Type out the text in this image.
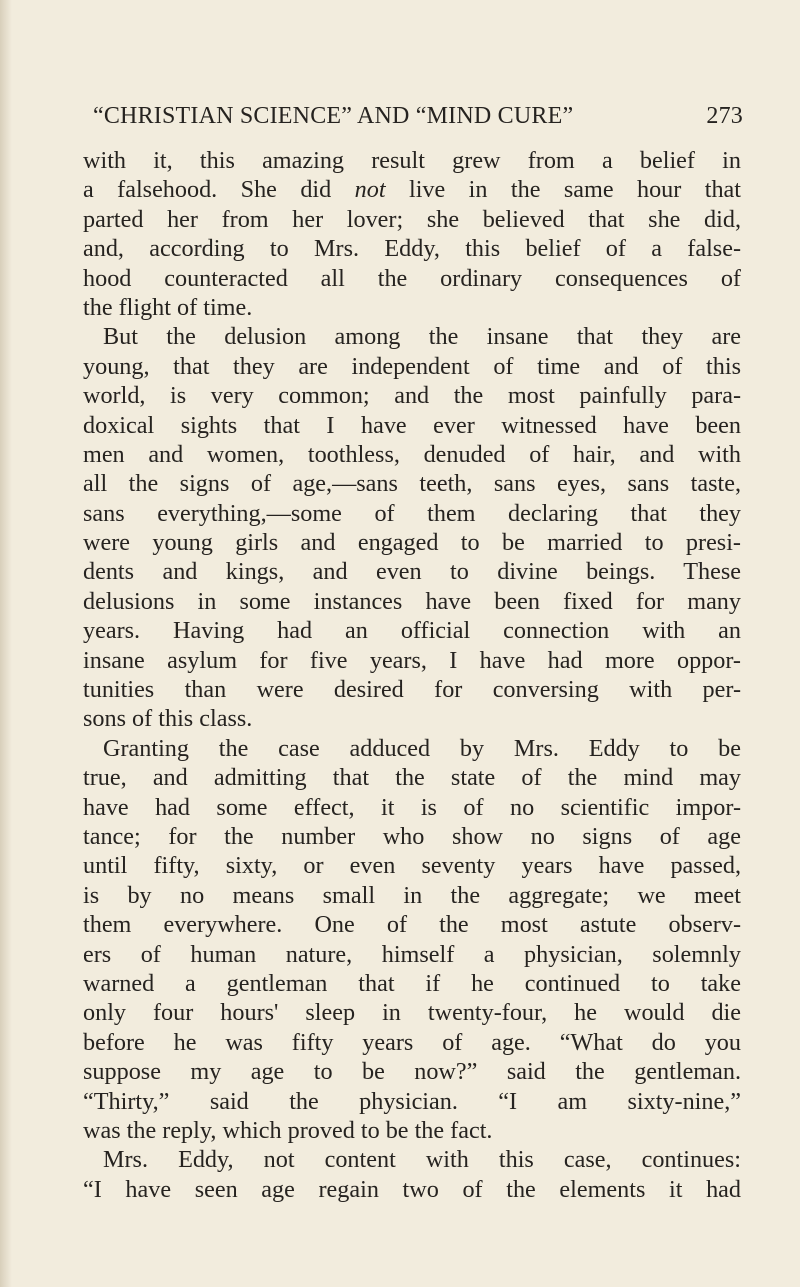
“CHRISTIAN SCIENCE” AND “MIND CURE”	273
with it, this amazing result grew from a belief in
a falsehood. She did not live in the same hour that
parted her from her lover; she believed that she did,
and, according to Mrs. Eddy, this belief of a false-
hood counteracted all the ordinary consequences of
the flight of time.
But the delusion among the insane that they are
young, that they are independent of time and of this
world, is very common; and the most painfully para-
doxical sights that I have ever witnessed have been
men and women, toothless, denuded of hair, and with
all the signs of age,—sans teeth, sans eyes, sans taste,
sans everything,—some of them declaring that they
were young girls and engaged to be married to presi-
dents and kings, and even to divine beings. These
delusions in some instances have been fixed for many
years. Having had an official connection with an
insane asylum for five years, I have had more oppor-
tunities than were desired for conversing with per-
sons of this class.
Granting the case adduced by Mrs. Eddy to be
true, and admitting that the state of the mind may
have had some effect, it is of no scientific impor-
tance; for the number who show no signs of age
until fifty, sixty, or even seventy years have passed,
is by no means small in the aggregate; we meet
them everywhere. One of the most astute observ-
ers of human nature, himself a physician, solemnly
warned a gentleman that if he continued to take
only four hours' sleep in twenty-four, he would die
before he was fifty years of age. “What do you
suppose my age to be now?” said the gentleman.
“Thirty,” said the physician. “I am sixty-nine,”
was the reply, which proved to be the fact.
Mrs. Eddy, not content with this case, continues:
“I have seen age regain two of the elements it had
